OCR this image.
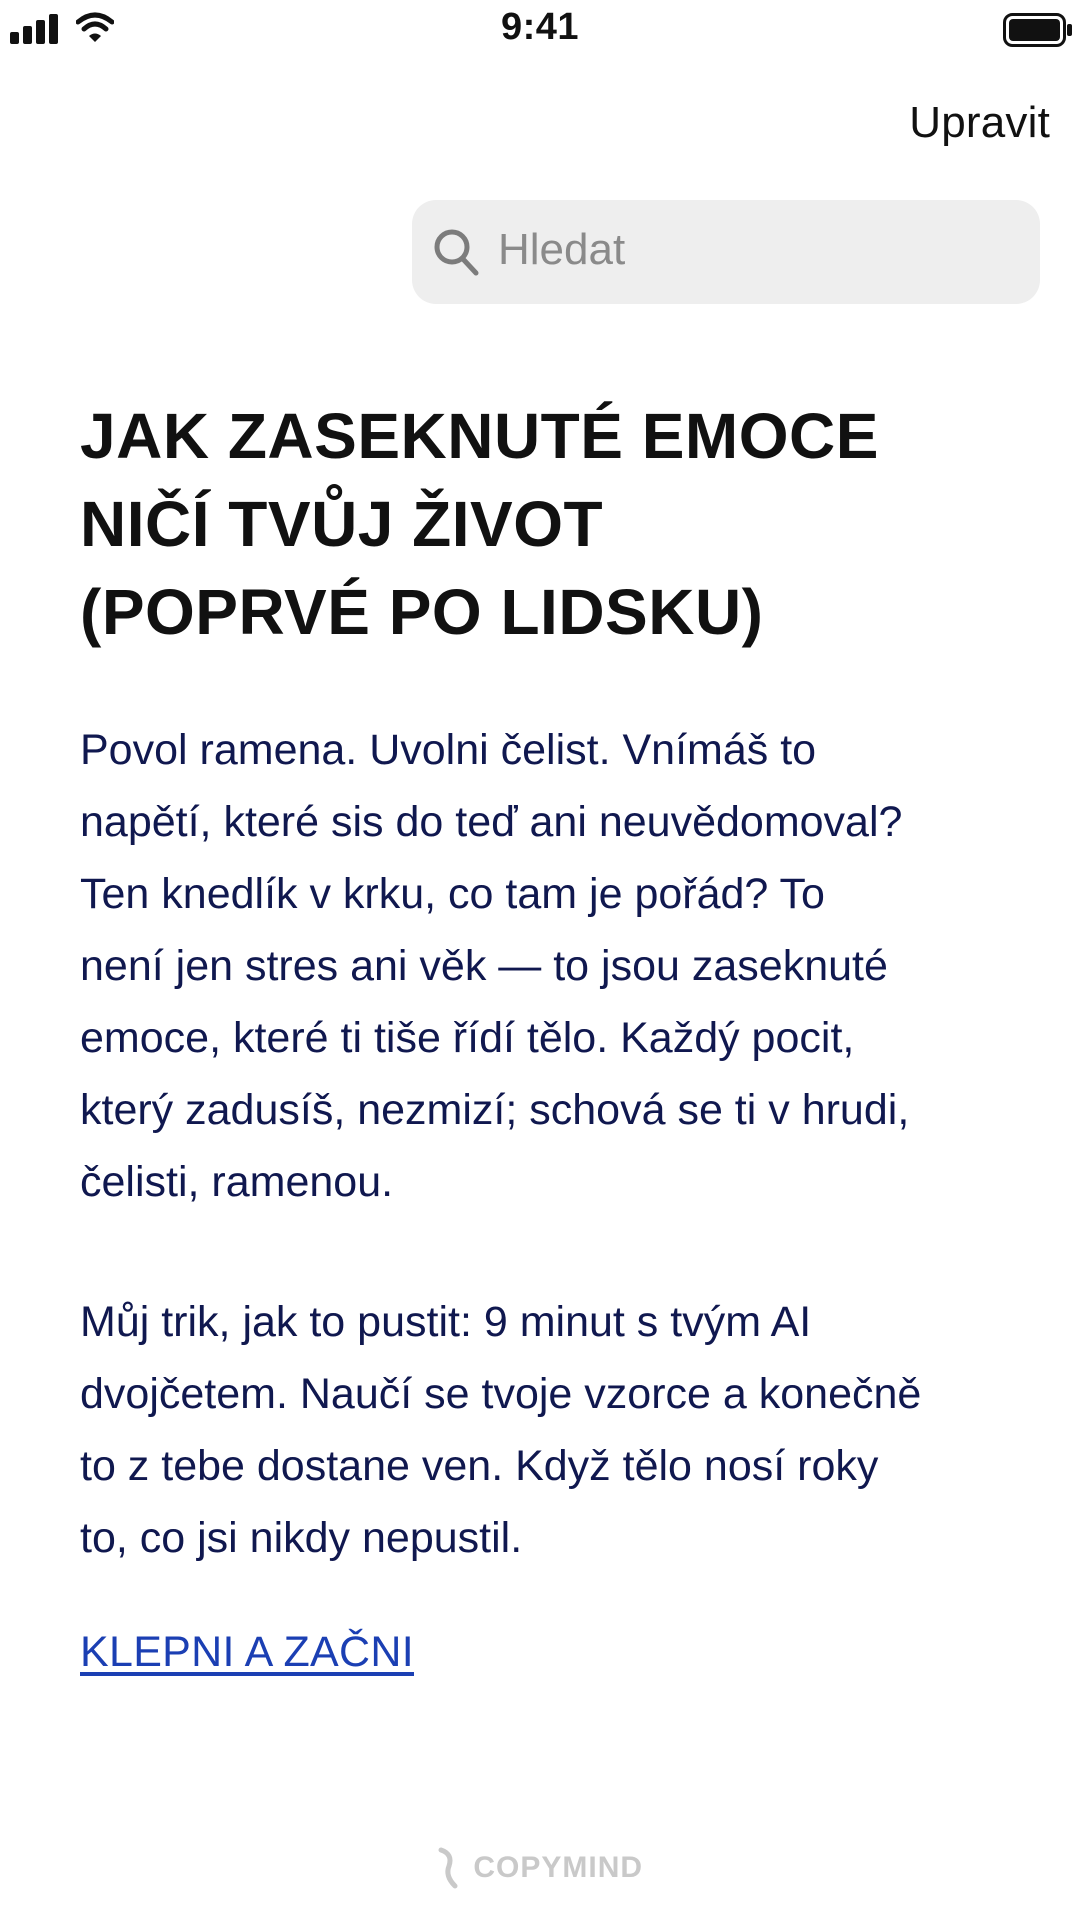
9:41
Upravit
Hledat
JAK ZASEKNUTÉ EMOCE
NIČÍ TVŮJ ŽIVOT
(POPRVÉ PO LIDSKU)
Povol ramena. Uvolni čelist. Vnímáš to
napětí, které sis do teď ani neuvědomoval?
Ten knedlík v krku, co tam je pořád? To
není jen stres ani věk — to jsou zaseknuté
emoce, které ti tiše řídí tělo. Každý pocit,
který zadusíš, nezmizí; schová se ti v hrudi,
čelisti, ramenou.
Můj trik, jak to pustit: 9 minut s tvým AI
dvojčetem. Naučí se tvoje vzorce a konečně
to z tebe dostane ven. Když tělo nosí roky
to, co jsi nikdy nepustil.
KLEPNI A ZAČNI
COPYMIND
